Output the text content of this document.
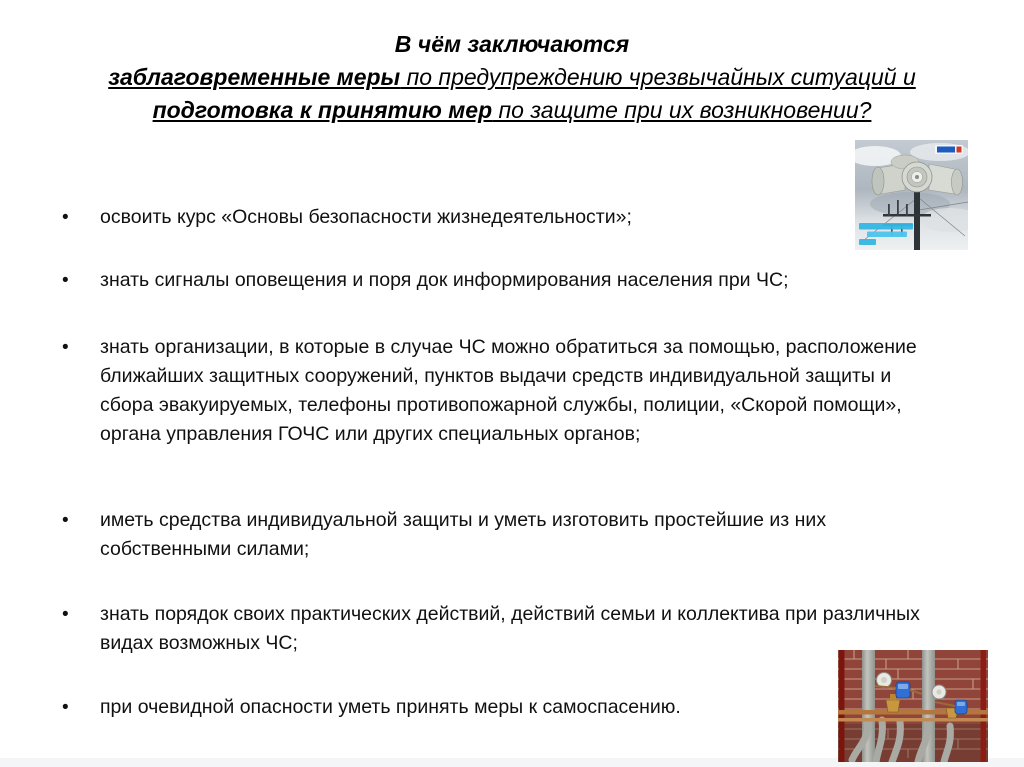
В чём заключаются
заблаговременные меры по предупреждению чрезвычайных ситуаций и
подготовка к принятию мер по защите при их возникновении?
•	освоить курс «Основы безопасности жизнедеятельности»;
•	знать сигналы оповещения и поря док информирования населения при ЧС;
•	знать организации, в которые в случае ЧС можно обратиться за помощью, расположение ближайших защитных сооружений, пунктов выдачи средств индивидуальной защиты и сбора эвакуируемых, телефоны противопожарной службы, полиции, «Скорой помощи», органа управления ГОЧС или других специальных органов;
•	иметь средства индивидуальной защиты и уметь изготовить простейшие из них собственными силами;
•	знать порядок своих практических действий, действий семьи и коллектива при различных видах возможных ЧС;
•	при очевидной опасности уметь принять меры к самоспасению.
